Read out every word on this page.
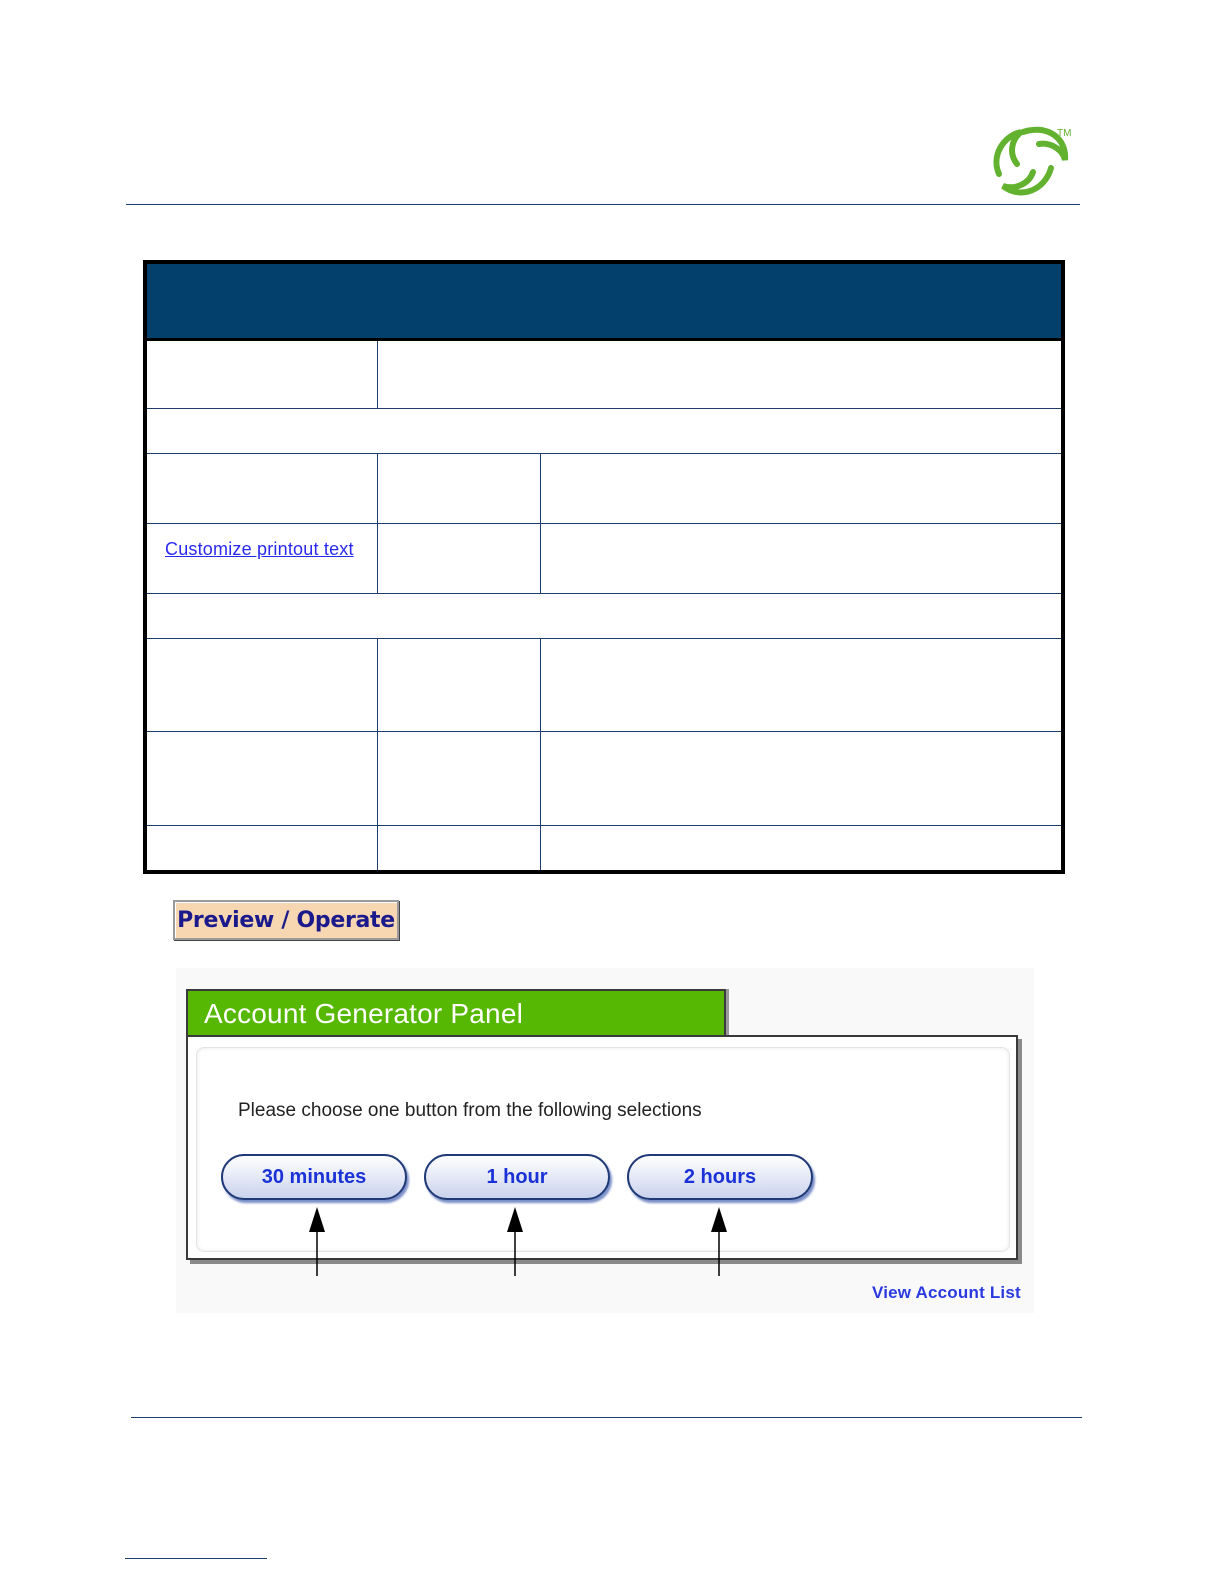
TM
Customize printout text
Preview / Operate
Account Generator Panel
Please choose one button from the following selections
30 minutes	1 hour	2 hours
View Account List
